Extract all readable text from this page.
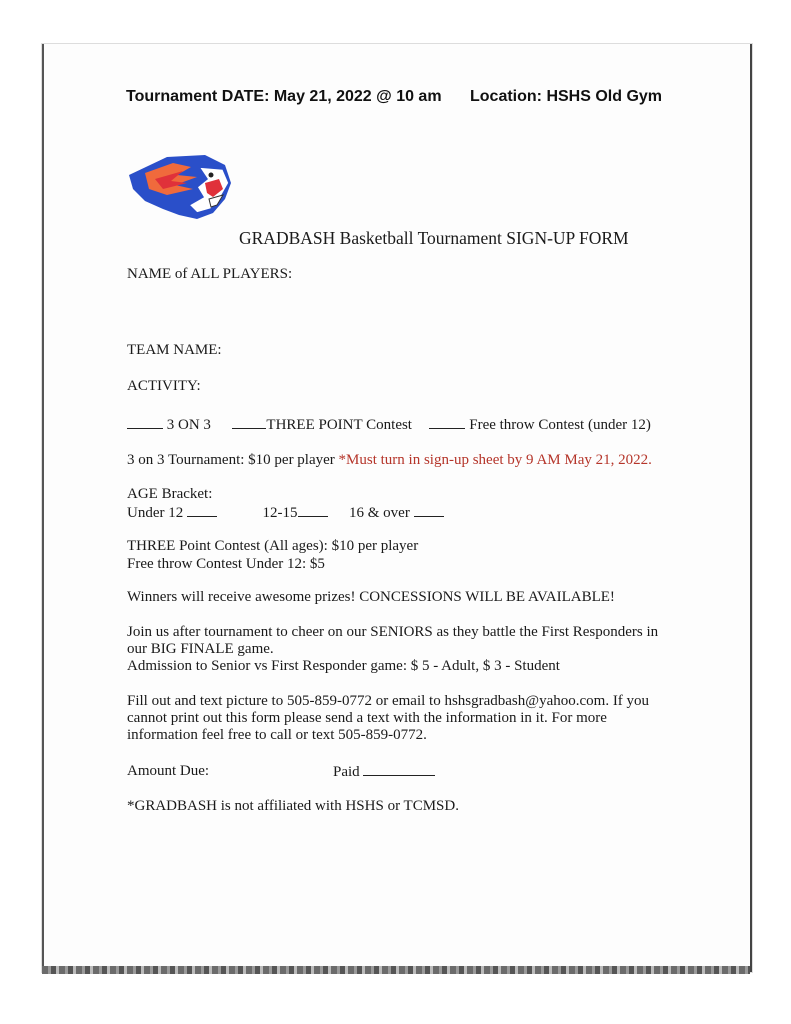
Tournament DATE: May 21, 2022 @ 10 am Location: HSHS Old Gym
GRADBASH Basketball Tournament SIGN-UP FORM
NAME of ALL PLAYERS:
TEAM NAME:
ACTIVITY:
3 ON 3	THREE POINT Contest	Free throw Contest (under 12)
3 on 3 Tournament: $10 per player *Must turn in sign-up sheet by 9 AM May 21, 2022.
AGE Bracket:
Under 12	12-15	16 & over
THREE Point Contest (All ages): $10 per player
Free throw Contest Under 12: $5
Winners will receive awesome prizes! CONCESSIONS WILL BE AVAILABLE!
Join us after tournament to cheer on our SENIORS as they battle the First Responders in
our BIG FINALE game.
Admission to Senior vs First Responder game: $ 5 - Adult, $ 3 - Student
Fill out and text picture to 505-859-0772 or email to hshsgradbash@yahoo.com. If you
cannot print out this form please send a text with the information in it. For more
information feel free to call or text 505-859-0772.
Amount Due:	Paid
*GRADBASH is not affiliated with HSHS or TCMSD.
